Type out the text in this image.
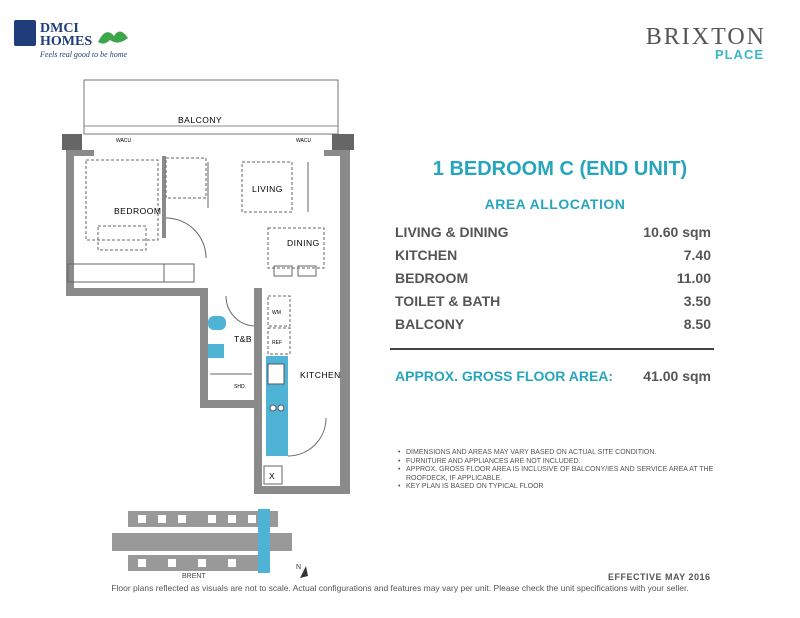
DMCI
HOMES
Feels real good to be home
BRIXTON
PLACE
BEDROOM
LIVING
DINING
BALCONY
WACU	WACU
T&B
SHD.
WM
REF
KITCHEN
X
BRENT
N
1 BEDROOM C (END UNIT)
AREA ALLOCATION
LIVING & DINING	10.60 sqm
KITCHEN	7.40
BEDROOM	11.00
TOILET & BATH	3.50
BALCONY	8.50
APPROX. GROSS FLOOR AREA:	41.00 sqm
• DIMENSIONS AND AREAS MAY VARY BASED ON ACTUAL SITE CONDITION.
• FURNITURE AND APPLIANCES ARE NOT INCLUDED.
• APPROX. GROSS FLOOR AREA IS INCLUSIVE OF BALCONY/IES AND SERVICE AREA AT THE ROOFDECK, IF APPLICABLE.
• KEY PLAN IS BASED ON TYPICAL FLOOR
EFFECTIVE MAY 2016
Floor plans reflected as visuals are not to scale. Actual configurations and features may vary per unit. Please check the unit specifications with your seller.
